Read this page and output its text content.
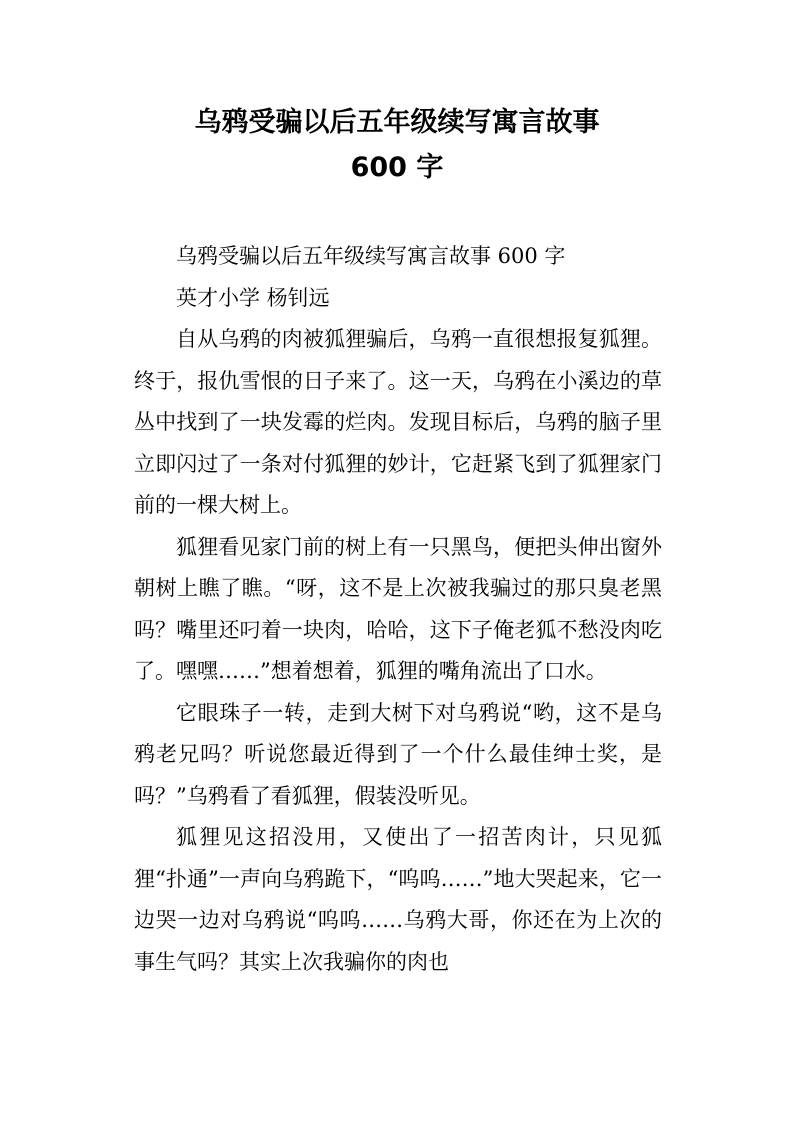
乌鸦受骗以后五年级续写寓言故事
600 字

乌鸦受骗以后五年级续写寓言故事 600 字

英才小学 杨钊远

自从乌鸦的肉被狐狸骗后，乌鸦一直很想报复狐狸。终于，报仇雪恨的日子来了。这一天，乌鸦在小溪边的草丛中找到了一块发霉的烂肉。发现目标后，乌鸦的脑子里立即闪过了一条对付狐狸的妙计，它赶紧飞到了狐狸家门前的一棵大树上。

狐狸看见家门前的树上有一只黑鸟，便把头伸出窗外朝树上瞧了瞧。“呀，这不是上次被我骗过的那只臭老黑吗？嘴里还叼着一块肉，哈哈，这下子俺老狐不愁没肉吃了。嘿嘿……”想着想着，狐狸的嘴角流出了口水。

它眼珠子一转，走到大树下对乌鸦说“哟，这不是乌鸦老兄吗？听说您最近得到了一个什么最佳绅士奖，是吗？”乌鸦看了看狐狸，假装没听见。

狐狸见这招没用，又使出了一招苦肉计，只见狐狸“扑通”一声向乌鸦跪下，“呜呜……”地大哭起来，它一边哭一边对乌鸦说“呜呜……乌鸦大哥，你还在为上次的事生气吗？其实上次我骗你的肉也
